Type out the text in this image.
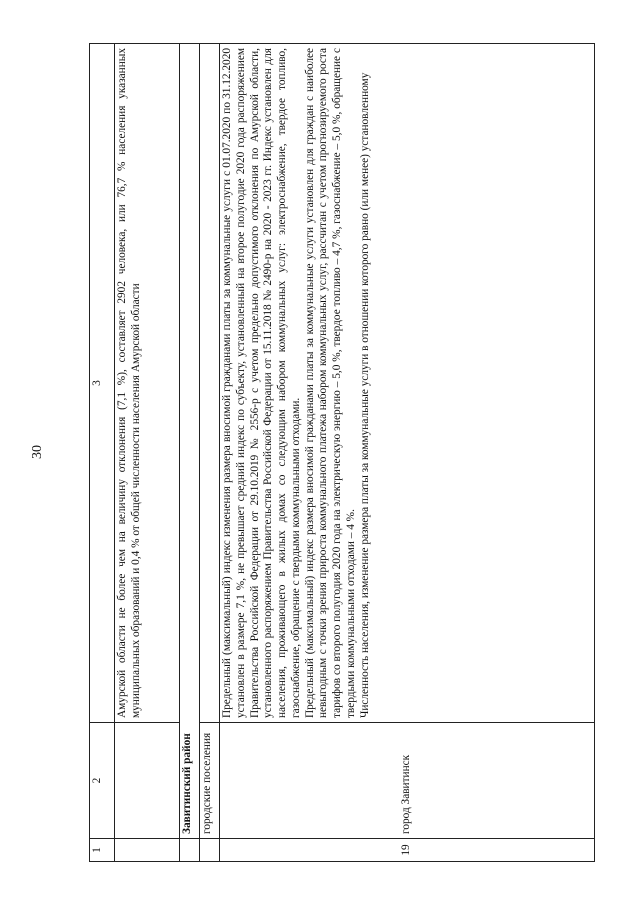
30
1	2	3
		Амурской области не более чем на величину отклонения (7,1 %), составляет 2902 человека, или 76,7 % населения указанных муниципальных образований и 0,4 % от общей численности населения Амурской области
	Завитинский район	
	городские поселения	
19	город Завитинск	Предельный (максимальный) индекс изменения размера вносимой гражданами платы за коммунальные услуги с 01.07.2020 по 31.12.2020 установлен в размере 7,1 %, не превышает средний индекс по субъекту, установленный на второе полугодие 2020 года распоряжением Правительства Российской Федерации от 29.10.2019 № 2556-р с учетом предельно допустимого отклонения по Амурской области, установленного распоряжением Правительства Российской Федерации от 15.11.2018 № 2490-р на 2020 - 2023 гг. Индекс установлен для населения, проживающего в жилых домах со следующим набором коммунальных услуг: электроснабжение, твердое топливо, газоснабжение, обращение с твердыми коммунальными отходами. Предельный (максимальный) индекс размера вносимой гражданами платы за коммунальные услуги установлен для граждан с наиболее невыгодным с точки зрения прироста коммунального платежа набором коммунальных услуг, рассчитан с учетом прогнозируемого роста тарифов со второго полугодия 2020 года на электрическую энергию – 5,0 %, твердое топливо – 4,7 %, газоснабжение – 5,0 %, обращение с твердыми коммунальными отходами – 4 %. Численность населения, изменение размера платы за коммунальные услуги в отношении которого равно (или менее) установленному
